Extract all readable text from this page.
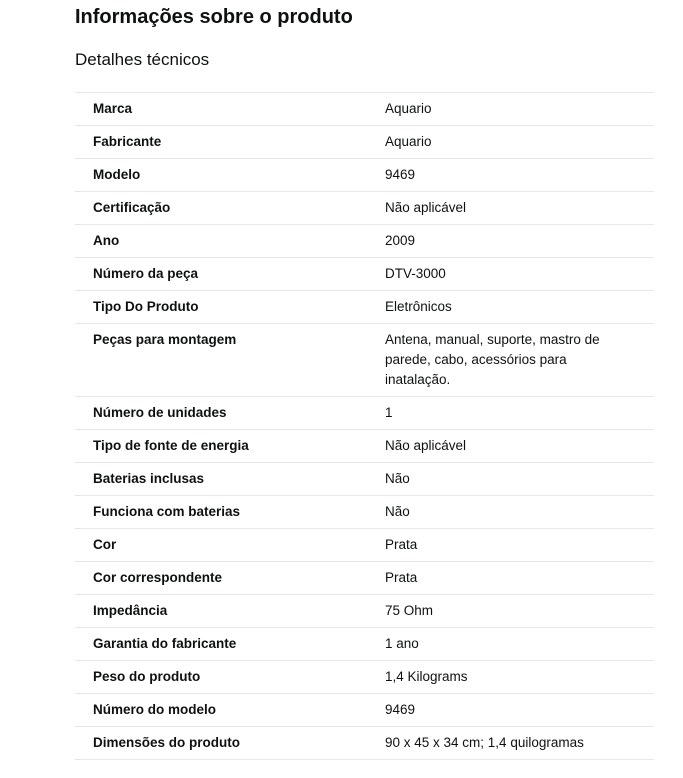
Informações sobre o produto
Detalhes técnicos
Marca	Aquario
Fabricante	Aquario
Modelo	9469
Certificação	Não aplicável
Ano	2009
Número da peça	DTV-3000
Tipo Do Produto	Eletrônicos
Peças para montagem	Antena, manual, suporte, mastro de parede, cabo, acessórios para inatalação.
Número de unidades	1
Tipo de fonte de energia	Não aplicável
Baterias inclusas	Não
Funciona com baterias	Não
Cor	Prata
Cor correspondente	Prata
Impedância	75 Ohm
Garantia do fabricante	1 ano
Peso do produto	1,4 Kilograms
Número do modelo	9469
Dimensões do produto	90 x 45 x 34 cm; 1,4 quilogramas
